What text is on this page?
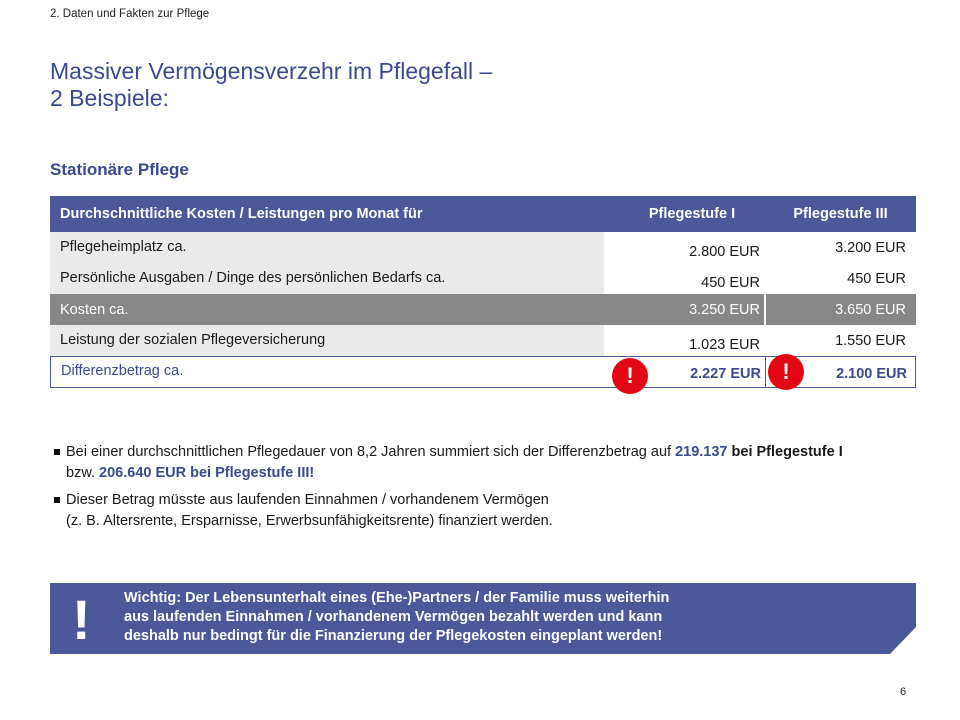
2. Daten und Fakten zur Pflege
Massiver Vermögensverzehr im Pflegefall –
2 Beispiele:
Stationäre Pflege
Durchschnittliche Kosten / Leistungen pro Monat für	Pflegestufe I	Pflegestufe III
Pflegeheimplatz ca.	2.800 EUR	3.200 EUR
Persönliche Ausgaben / Dinge des persönlichen Bedarfs ca.	450 EUR	450 EUR
Kosten ca.	3.250 EUR	3.650 EUR
Leistung der sozialen Pflegeversicherung	1.023 EUR	1.550 EUR
Differenzbetrag ca.	2.227 EUR	2.100 EUR
!	!
Bei einer durchschnittlichen Pflegedauer von 8,2 Jahren summiert sich der Differenzbetrag auf 219.137 bei Pflegestufe I bzw. 206.640 EUR bei Pflegestufe III!
Dieser Betrag müsste aus laufenden Einnahmen / vorhandenem Vermögen
(z. B. Altersrente, Ersparnisse, Erwerbsunfähigkeitsrente) finanziert werden.
! Wichtig: Der Lebensunterhalt eines (Ehe-)Partners / der Familie muss weiterhin
aus laufenden Einnahmen / vorhandenem Vermögen bezahlt werden und kann
deshalb nur bedingt für die Finanzierung der Pflegekosten eingeplant werden!
6
